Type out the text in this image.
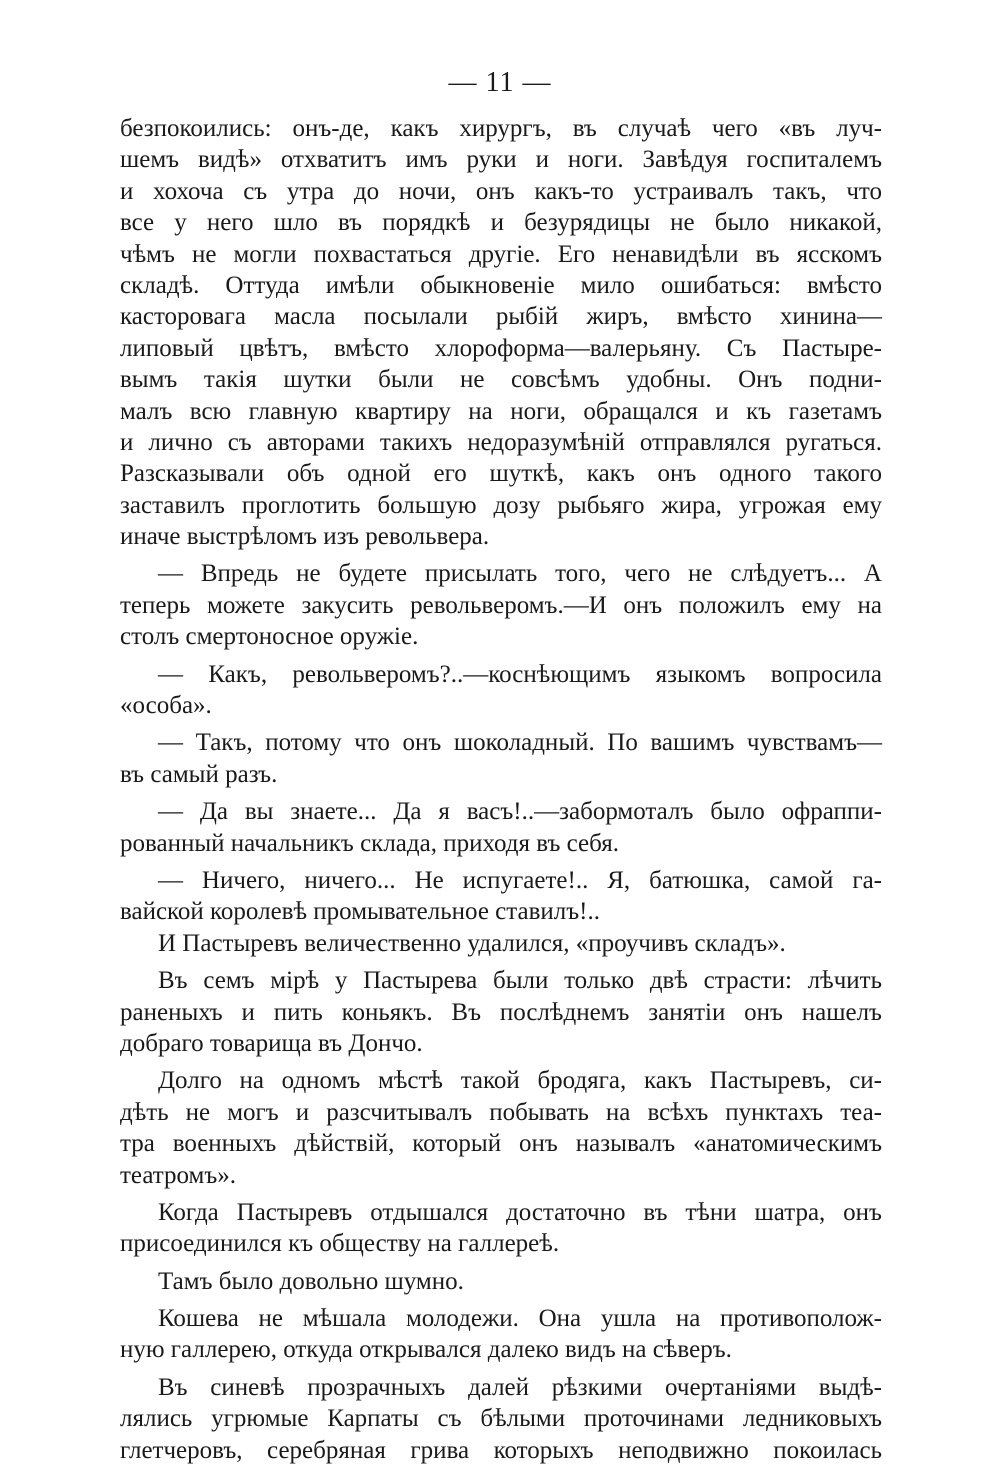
— 11 —
безпокоились: онъ-де, какъ хирургъ, въ случаѣ чего «въ луч-
шемъ видѣ» отхватитъ имъ руки и ноги. Завѣдуя госпиталемъ
и хохоча съ утра до ночи, онъ какъ-то устраивалъ такъ, что
все у него шло въ порядкѣ и безурядицы не было никакой,
чѣмъ не могли похвастаться другіе. Его ненавидѣли въ ясскомъ
складѣ. Оттуда имѣли обыкновеніе мило ошибаться: вмѣсто
касторовага масла посылали рыбій жиръ, вмѣсто хинина—
липовый цвѣтъ, вмѣсто хлороформа—валерьяну. Съ Пастыре-
вымъ такія шутки были не совсѣмъ удобны. Онъ подни-
малъ всю главную квартиру на ноги, обращался и къ газетамъ
и лично съ авторами такихъ недоразумѣній отправлялся ругаться.
Разсказывали объ одной его шуткѣ, какъ онъ одного такого
заставилъ проглотить большую дозу рыбьяго жира, угрожая ему
иначе выстрѣломъ изъ револьвера.
— Впредь не будете присылать того, чего не слѣдуетъ... А
теперь можете закусить револьверомъ.—И онъ положилъ ему на
столъ смертоносное оружіе.
— Какъ, револьверомъ?..—коснѣющимъ языкомъ вопросила
«особа».
— Такъ, потому что онъ шоколадный. По вашимъ чувствамъ—
въ самый разъ.
— Да вы знаете... Да я васъ!..—забормоталъ было офраппи-
рованный начальникъ склада, приходя въ себя.
— Ничего, ничего... Не испугаете!.. Я, батюшка, самой га-
вайской королевѣ промывательное ставилъ!..
И Пастыревъ величественно удалился, «проучивъ складъ».
Въ семъ мірѣ у Пастырева были только двѣ страсти: лѣчить
раненыхъ и пить коньякъ. Въ послѣднемъ занятіи онъ нашелъ
добраго товарища въ Дончо.
Долго на одномъ мѣстѣ такой бродяга, какъ Пастыревъ, си-
дѣть не могъ и разсчитывалъ побывать на всѣхъ пунктахъ теа-
тра военныхъ дѣйствій, который онъ называлъ «анатомическимъ
театромъ».
Когда Пастыревъ отдышался достаточно въ тѣни шатра, онъ
присоединился къ обществу на галлереѣ.
Тамъ было довольно шумно.
Кошева не мѣшала молодежи. Она ушла на противополож-
ную галлерею, откуда открывался далеко видъ на сѣверъ.
Въ синевѣ прозрачныхъ далей рѣзкими очертаніями выдѣ-
лялись угрюмые Карпаты съ бѣлыми проточинами ледниковыхъ
глетчеровъ, серебряная грива которыхъ неподвижно покоилась
